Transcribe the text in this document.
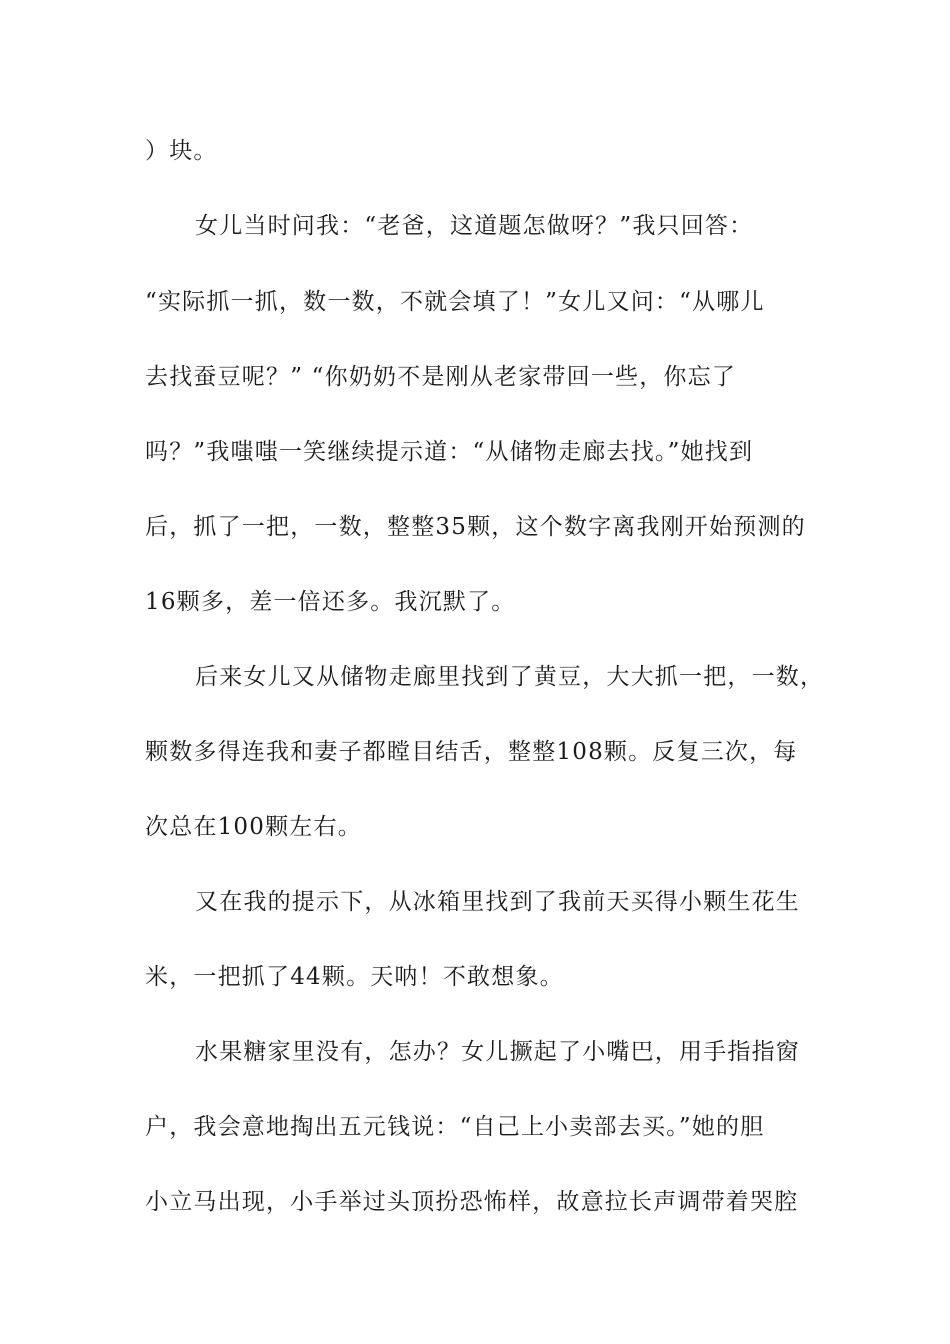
）块。
女儿当时问我：“老爸，这道题怎做呀？”我只回答：
“实际抓一抓，数一数，不就会填了！”女儿又问：“从哪儿
去找蚕豆呢？” “你奶奶不是刚从老家带回一些，你忘了
吗？”我嗤嗤一笑继续提示道：“从储物走廊去找。”她找到
后，抓了一把，一数，整整35颗，这个数字离我刚开始预测的
16颗多，差一倍还多。我沉默了。
后来女儿又从储物走廊里找到了黄豆，大大抓一把，一数，
颗数多得连我和妻子都瞠目结舌，整整108颗。反复三次，每
次总在100颗左右。
又在我的提示下，从冰箱里找到了我前天买得小颗生花生
米，一把抓了44颗。天呐！不敢想象。
水果糖家里没有，怎办？女儿撅起了小嘴巴，用手指指窗
户，我会意地掏出五元钱说：“自己上小卖部去买。”她的胆
小立马出现，小手举过头顶扮恐怖样，故意拉长声调带着哭腔
